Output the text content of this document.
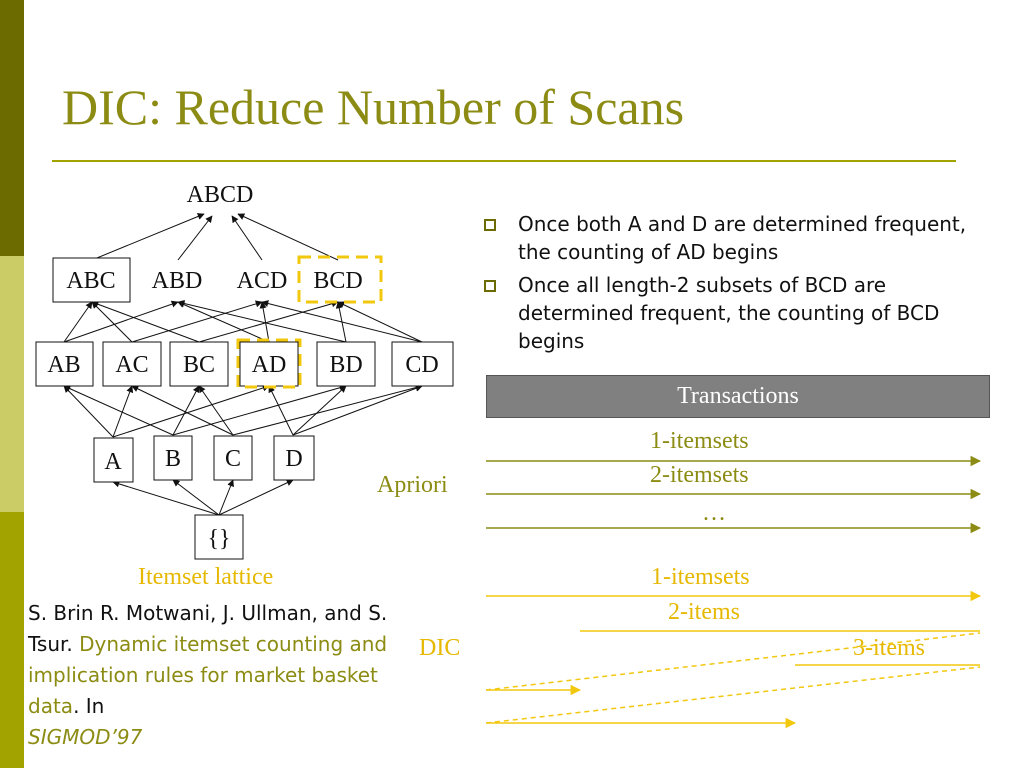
DIC: Reduce Number of Scans
ABCD
ABC ABD ACD BCD
AB AC BC AD BD CD
A B C D
{}
Once both A and D are determined frequent, the counting of AD begins
Once all length-2 subsets of BCD are determined frequent, the counting of BCD begins
Transactions
1-itemsets
2-itemsets
…
Apriori
1-itemsets
2-items
3-items
DIC
Itemset lattice
S. Brin R. Motwani, J. Ullman, and S. Tsur. Dynamic itemset counting and implication rules for market basket data. In
SIGMOD’97
